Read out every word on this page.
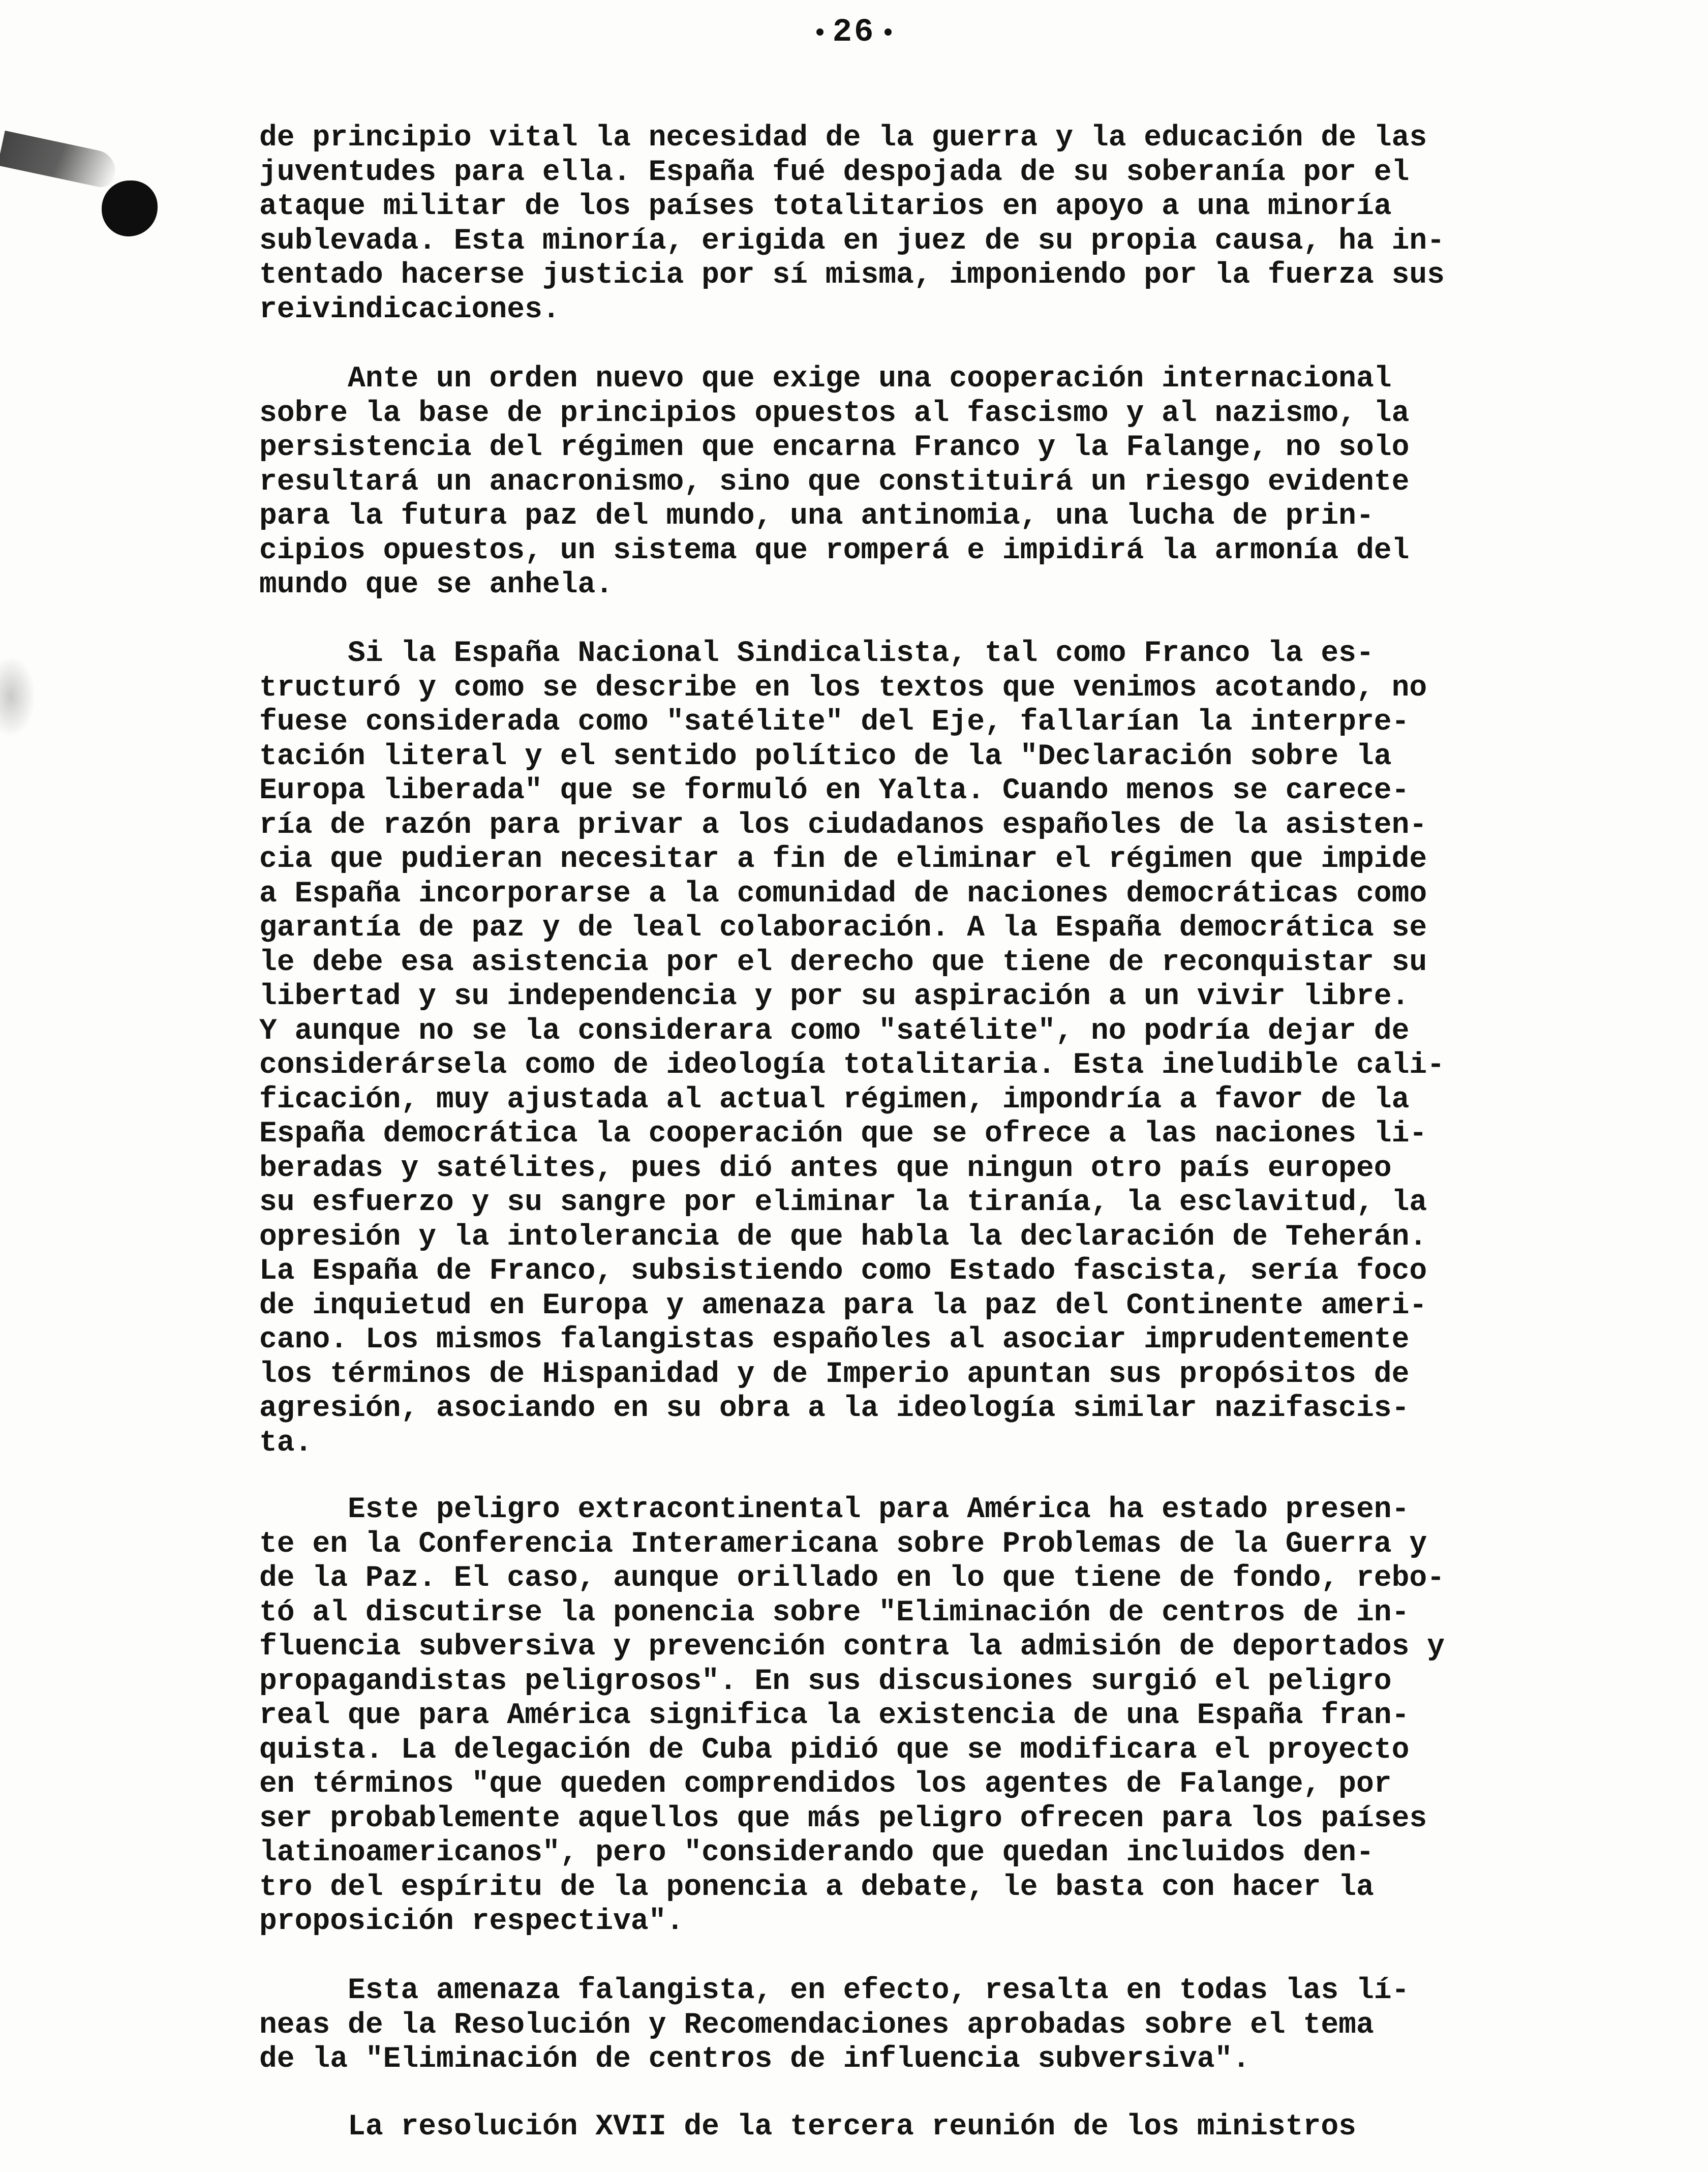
26
de principio vital la necesidad de la guerra y la educación de las
juventudes para ella. España fué despojada de su soberanía por el
ataque militar de los países totalitarios en apoyo a una minoría
sublevada. Esta minoría, erigida en juez de su propia causa, ha in-
tentado hacerse justicia por sí misma, imponiendo por la fuerza sus
reivindicaciones.
Ante un orden nuevo que exige una cooperación internacional
sobre la base de principios opuestos al fascismo y al nazismo, la
persistencia del régimen que encarna Franco y la Falange, no solo
resultará un anacronismo, sino que constituirá un riesgo evidente
para la futura paz del mundo, una antinomia, una lucha de prin-
cipios opuestos, un sistema que romperá e impidirá la armonía del
mundo que se anhela.
Si la España Nacional Sindicalista, tal como Franco la es-
tructuró y como se describe en los textos que venimos acotando, no
fuese considerada como "satélite" del Eje, fallarían la interpre-
tación literal y el sentido político de la "Declaración sobre la
Europa liberada" que se formuló en Yalta. Cuando menos se carece-
ría de razón para privar a los ciudadanos españoles de la asisten-
cia que pudieran necesitar a fin de eliminar el régimen que impide
a España incorporarse a la comunidad de naciones democráticas como
garantía de paz y de leal colaboración. A la España democrática se
le debe esa asistencia por el derecho que tiene de reconquistar su
libertad y su independencia y por su aspiración a un vivir libre.
Y aunque no se la considerara como "satélite", no podría dejar de
considerársela como de ideología totalitaria. Esta ineludible cali-
ficación, muy ajustada al actual régimen, impondría a favor de la
España democrática la cooperación que se ofrece a las naciones li-
beradas y satélites, pues dió antes que ningun otro país europeo
su esfuerzo y su sangre por eliminar la tiranía, la esclavitud, la
opresión y la intolerancia de que habla la declaración de Teherán.
La España de Franco, subsistiendo como Estado fascista, sería foco
de inquietud en Europa y amenaza para la paz del Continente ameri-
cano. Los mismos falangistas españoles al asociar imprudentemente
los términos de Hispanidad y de Imperio apuntan sus propósitos de
agresión, asociando en su obra a la ideología similar nazifascis-
ta.
Este peligro extracontinental para América ha estado presen-
te en la Conferencia Interamericana sobre Problemas de la Guerra y
de la Paz. El caso, aunque orillado en lo que tiene de fondo, rebo-
tó al discutirse la ponencia sobre "Eliminación de centros de in-
fluencia subversiva y prevención contra la admisión de deportados y
propagandistas peligrosos". En sus discusiones surgió el peligro
real que para América significa la existencia de una España fran-
quista. La delegación de Cuba pidió que se modificara el proyecto
en términos "que queden comprendidos los agentes de Falange, por
ser probablemente aquellos que más peligro ofrecen para los países
latinoamericanos", pero "considerando que quedan incluidos den-
tro del espíritu de la ponencia a debate, le basta con hacer la
proposición respectiva".
Esta amenaza falangista, en efecto, resalta en todas las lí-
neas de la Resolución y Recomendaciones aprobadas sobre el tema
de la "Eliminación de centros de influencia subversiva".
La resolución XVII de la tercera reunión de los ministros
